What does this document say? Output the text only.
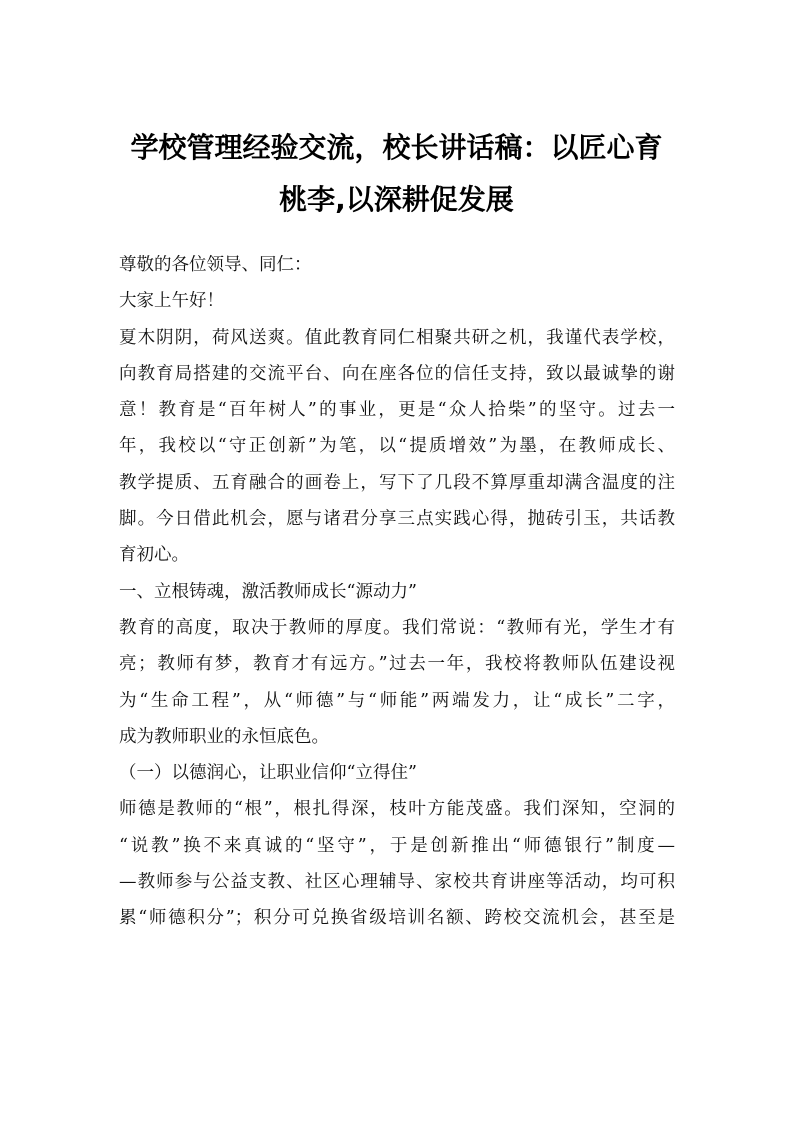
学校管理经验交流，校长讲话稿：以匠心育
桃李,以深耕促发展
尊敬的各位领导、同仁：
大家上午好！
夏木阴阴，荷风送爽。值此教育同仁相聚共研之机，我谨代表学校，
向教育局搭建的交流平台、向在座各位的信任支持，致以最诚挚的谢
意！教育是“百年树人”的事业，更是“众人拾柴”的坚守。过去一
年，我校以“守正创新”为笔，以“提质增效”为墨，在教师成长、
教学提质、五育融合的画卷上，写下了几段不算厚重却满含温度的注
脚。今日借此机会，愿与诸君分享三点实践心得，抛砖引玉，共话教
育初心。
一、立根铸魂，激活教师成长“源动力”
教育的高度，取决于教师的厚度。我们常说：“教师有光，学生才有
亮；教师有梦，教育才有远方。”过去一年，我校将教师队伍建设视
为“生命工程”，从“师德”与“师能”两端发力，让“成长”二字，
成为教师职业的永恒底色。
（一）以德润心，让职业信仰“立得住”
师德是教师的“根”，根扎得深，枝叶方能茂盛。我们深知，空洞的
“说教”换不来真诚的“坚守”，于是创新推出“师德银行”制度—
—教师参与公益支教、社区心理辅导、家校共育讲座等活动，均可积
累“师德积分”；积分可兑换省级培训名额、跨校交流机会，甚至是
